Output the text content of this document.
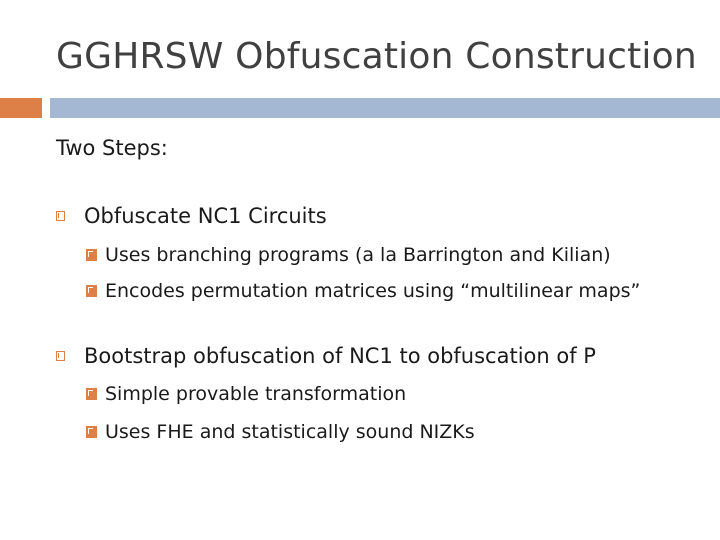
GGHRSW Obfuscation Construction
Two Steps:
Obfuscate NC1 Circuits
Uses branching programs (a la Barrington and Kilian)
Encodes permutation matrices using “multilinear maps”
Bootstrap obfuscation of NC1 to obfuscation of P
Simple provable transformation
Uses FHE and statistically sound NIZKs
